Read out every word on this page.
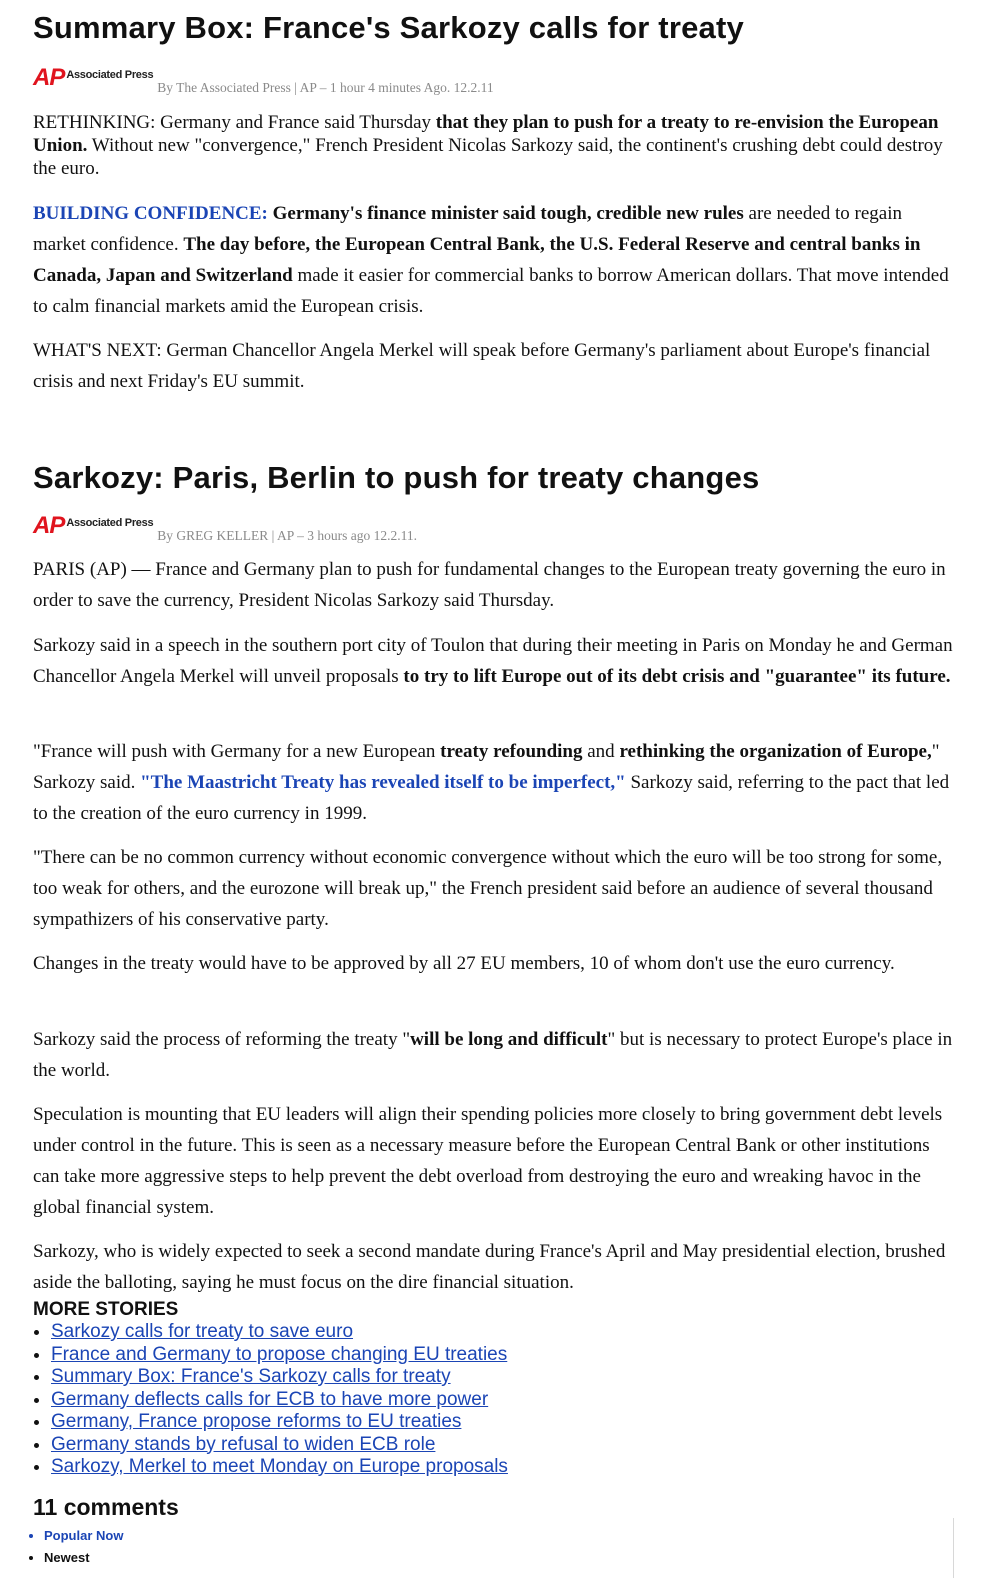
Summary Box: France's Sarkozy calls for treaty
AP Associated Press
By The Associated Press | AP – 1 hour 4 minutes Ago. 12.2.11

RETHINKING: Germany and France said Thursday that they plan to push for a treaty to re-envision the European Union. Without new "convergence," French President Nicolas Sarkozy said, the continent's crushing debt could destroy the euro.

BUILDING CONFIDENCE: Germany's finance minister said tough, credible new rules are needed to regain market confidence. The day before, the European Central Bank, the U.S. Federal Reserve and central banks in Canada, Japan and Switzerland made it easier for commercial banks to borrow American dollars. That move intended to calm financial markets amid the European crisis.

WHAT'S NEXT: German Chancellor Angela Merkel will speak before Germany's parliament about Europe's financial crisis and next Friday's EU summit.

Sarkozy: Paris, Berlin to push for treaty changes
AP Associated Press
By GREG KELLER | AP – 3 hours ago 12.2.11.

PARIS (AP) — France and Germany plan to push for fundamental changes to the European treaty governing the euro in order to save the currency, President Nicolas Sarkozy said Thursday.

Sarkozy said in a speech in the southern port city of Toulon that during their meeting in Paris on Monday he and German Chancellor Angela Merkel will unveil proposals to try to lift Europe out of its debt crisis and "guarantee" its future.

"France will push with Germany for a new European treaty refounding and rethinking the organization of Europe," Sarkozy said. "The Maastricht Treaty has revealed itself to be imperfect," Sarkozy said, referring to the pact that led to the creation of the euro currency in 1999.

"There can be no common currency without economic convergence without which the euro will be too strong for some, too weak for others, and the eurozone will break up," the French president said before an audience of several thousand sympathizers of his conservative party.

Changes in the treaty would have to be approved by all 27 EU members, 10 of whom don't use the euro currency.

Sarkozy said the process of reforming the treaty "will be long and difficult" but is necessary to protect Europe's place in the world.

Speculation is mounting that EU leaders will align their spending policies more closely to bring government debt levels under control in the future. This is seen as a necessary measure before the European Central Bank or other institutions can take more aggressive steps to help prevent the debt overload from destroying the euro and wreaking havoc in the global financial system.

Sarkozy, who is widely expected to seek a second mandate during France's April and May presidential election, brushed aside the balloting, saying he must focus on the dire financial situation.

MORE STORIES
• Sarkozy calls for treaty to save euro
• France and Germany to propose changing EU treaties
• Summary Box: France's Sarkozy calls for treaty
• Germany deflects calls for ECB to have more power
• Germany, France propose reforms to EU treaties
• Germany stands by refusal to widen ECB role
• Sarkozy, Merkel to meet Monday on Europe proposals
11 comments
• Popular Now
• Newest
